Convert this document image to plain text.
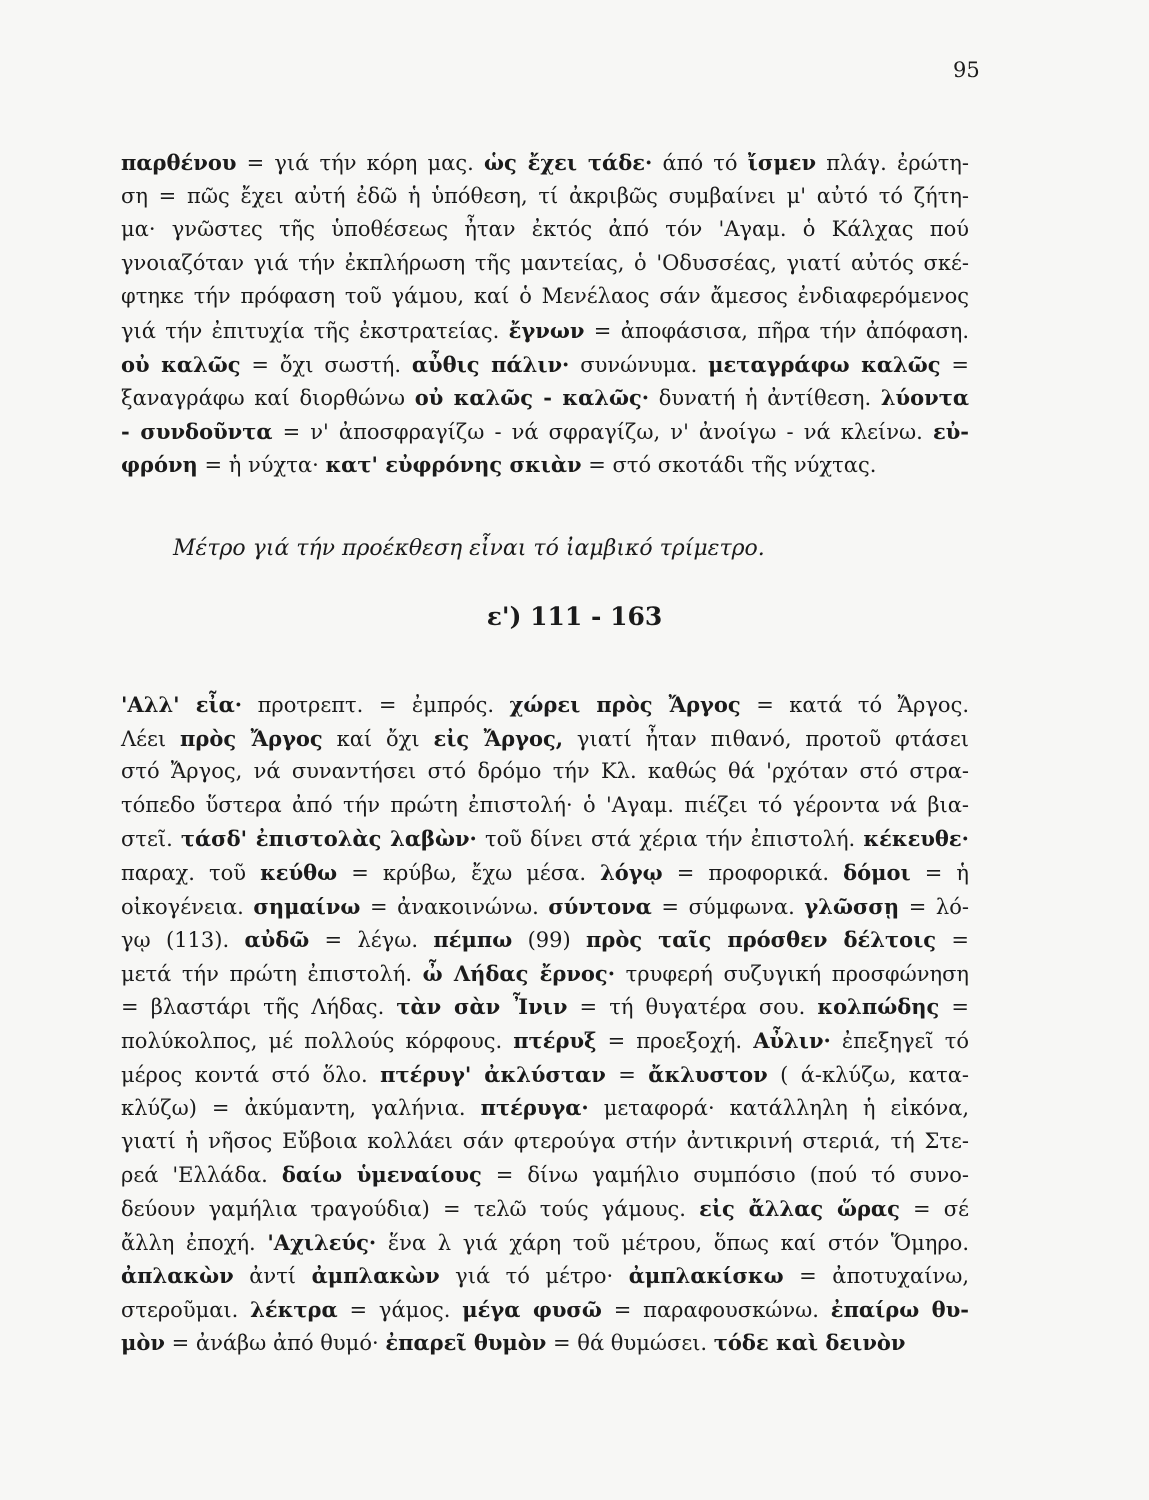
95
παρθένου = γιά τήν κόρη μας. ὡς ἔχει τάδε· άπό τό ἴσμεν πλάγ. ἐρώτη-
ση = πῶς ἔχει αὐτή ἐδῶ ἡ ὑπόθεση, τί ἀκριβῶς συμβαίνει μ' αὐτό τό ζήτη-
μα· γνῶστες τῆς ὑποθέσεως ἦταν ἐκτός ἀπό τόν 'Αγαμ. ὁ Κάλχας πού
γνοιαζόταν γιά τήν ἐκπλήρωση τῆς μαντείας, ὁ 'Οδυσσέας, γιατί αὐτός σκέ-
φτηκε τήν πρόφαση τοῦ γάμου, καί ὁ Μενέλαος σάν ἄμεσος ἐνδιαφερόμενος
γιά τήν ἐπιτυχία τῆς ἐκστρατείας. ἔγνων = ἀποφάσισα, πῆρα τήν ἀπόφαση.
οὐ καλῶς = ὄχι σωστή. αὖθις πάλιν· συνώνυμα. μεταγράφω καλῶς =
ξαναγράφω καί διορθώνω οὐ καλῶς - καλῶς· δυνατή ἡ ἀντίθεση. λύοντα
- συνδοῦντα = ν' ἀποσφραγίζω - νά σφραγίζω, ν' ἀνοίγω - νά κλείνω. εὐ-
φρόνη = ἡ νύχτα· κατ' εὐφρόνης σκιὰν = στό σκοτάδι τῆς νύχτας.
Μέτρο γιά τήν προέκθεση εἶναι τό ἰαμβικό τρίμετρο.
ε') 111 - 163
'Αλλ' εἶα· προτρεπτ. = ἐμπρός. χώρει πρὸς Ἄργος = κατά τό Ἄργος.
Λέει πρὸς Ἄργος καί ὄχι εἰς Ἄργος, γιατί ἦταν πιθανό, προτοῦ φτάσει
στό Ἄργος, νά συναντήσει στό δρόμο τήν Κλ. καθώς θά 'ρχόταν στό στρα-
τόπεδο ὕστερα ἀπό τήν πρώτη ἐπιστολή· ὁ 'Αγαμ. πιέζει τό γέροντα νά βια-
στεῖ. τάσδ' ἐπιστολὰς λαβὼν· τοῦ δίνει στά χέρια τήν ἐπιστολή. κέκευθε·
παραχ. τοῦ κεύθω = κρύβω, ἔχω μέσα. λόγῳ = προφορικά. δόμοι = ἡ
οἰκογένεια. σημαίνω = ἀνακοινώνω. σύντονα = σύμφωνα. γλῶσσῃ = λό-
γῳ (113). αὐδῶ = λέγω. πέμπω (99) πρὸς ταῖς πρόσθεν δέλτοις =
μετά τήν πρώτη ἐπιστολή. ὦ Λήδας ἔρνος· τρυφερή συζυγική προσφώνηση
= βλαστάρι τῆς Λήδας. τὰν σὰν Ἶνιν = τή θυγατέρα σου. κολπώδης =
πολύκολπος, μέ πολλούς κόρφους. πτέρυξ = προεξοχή. Αὖλιν· ἐπεξηγεῖ τό
μέρος κοντά στό ὅλο. πτέρυγ' ἀκλύσταν = ἄκλυστον ( ά-κλύζω, κατα-
κλύζω) = ἀκύμαντη, γαλήνια. πτέρυγα· μεταφορά· κατάλληλη ἡ εἰκόνα,
γιατί ἡ νῆσος Εὔβοια κολλάει σάν φτερούγα στήν ἀντικρινή στεριά, τή Στε-
ρεά 'Ελλάδα. δαίω ὑμεναίους = δίνω γαμήλιο συμπόσιο (πού τό συνο-
δεύουν γαμήλια τραγούδια) = τελῶ τούς γάμους. εἰς ἄλλας ὥρας = σέ
ἄλλη ἐποχή. 'Αχιλεύς· ἕνα λ γιά χάρη τοῦ μέτρου, ὅπως καί στόν Ὅμηρο.
ἀπλακὼν ἀντί ἀμπλακὼν γιά τό μέτρο· ἀμπλακίσκω = ἀποτυχαίνω,
στεροῦμαι. λέκτρα = γάμος. μέγα φυσῶ = παραφουσκώνω. ἐπαίρω θυ-
μὸν = ἀνάβω ἀπό θυμό· ἐπαρεῖ θυμὸν = θά θυμώσει. τόδε καὶ δεινὸν
